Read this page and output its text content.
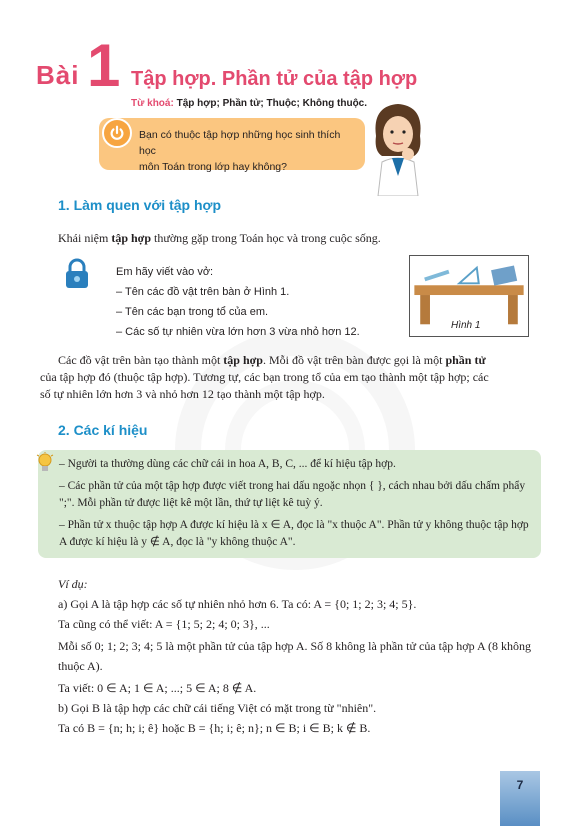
Bài 1 Tập hợp. Phần tử của tập hợp
Từ khoá: Tập hợp; Phần tử; Thuộc; Không thuộc.
Bạn có thuộc tập hợp những học sinh thích học
môn Toán trong lớp hay không?
1. Làm quen với tập hợp
Khái niệm tập hợp thường gặp trong Toán học và trong cuộc sống.
Em hãy viết vào vở:
– Tên các đồ vật trên bàn ở Hình 1.
– Tên các bạn trong tổ của em.
– Các số tự nhiên vừa lớn hơn 3 vừa nhỏ hơn 12.
Hình 1
Các đồ vật trên bàn tạo thành một tập hợp. Mỗi đồ vật trên bàn được gọi là một phần tử
của tập hợp đó (thuộc tập hợp). Tương tự, các bạn trong tổ của em tạo thành một tập hợp; các
số tự nhiên lớn hơn 3 và nhỏ hơn 12 tạo thành một tập hợp.
2. Các kí hiệu

– Người ta thường dùng các chữ cái in hoa A, B, C, ... để kí hiệu tập hợp.

– Các phần tử của một tập hợp được viết trong hai dấu ngoặc nhọn { }, cách nhau bởi dấu chấm phẩy ";". Mỗi phần tử được liệt kê một lần, thứ tự liệt kê tuỳ ý.

– Phần tử x thuộc tập hợp A được kí hiệu là x ∈ A, đọc là "x thuộc A". Phần tử y không thuộc tập hợp A được kí hiệu là y ∉ A, đọc là "y không thuộc A".

Ví dụ:
a) Gọi A là tập hợp các số tự nhiên nhỏ hơn 6. Ta có: A = {0; 1; 2; 3; 4; 5}.
Ta cũng có thể viết: A = {1; 5; 2; 4; 0; 3}, ...
Mỗi số 0; 1; 2; 3; 4; 5 là một phần tử của tập hợp A. Số 8 không là phần tử của tập hợp A (8 không thuộc A).
Ta viết: 0 ∈ A; 1 ∈ A; ...; 5 ∈ A; 8 ∉ A.
b) Gọi B là tập hợp các chữ cái tiếng Việt có mặt trong từ "nhiên".
Ta có B = {n; h; i; ê} hoặc B = {h; i; ê; n}; n ∈ B; i ∈ B; k ∉ B.
7
